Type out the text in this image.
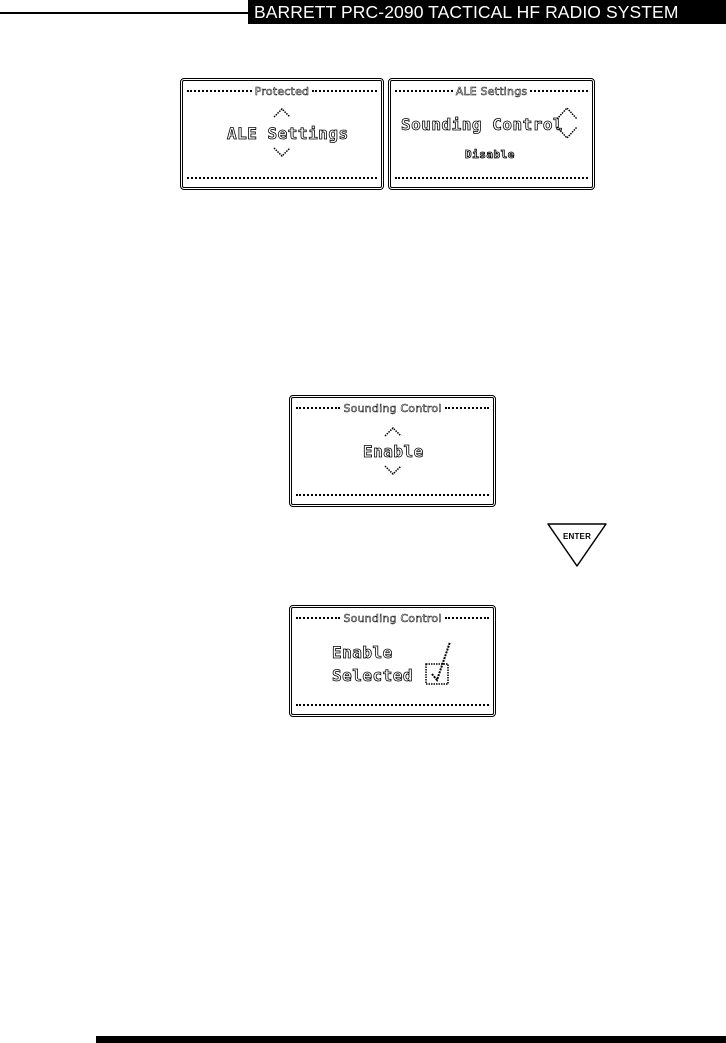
BARRETT PRC-2090 TACTICAL HF RADIO SYSTEM
Protected
ALE Settings
ALE Settings
Sounding Control
Disable
Sounding Control
Enable
ENTER
Sounding Control
Enable
Selected
